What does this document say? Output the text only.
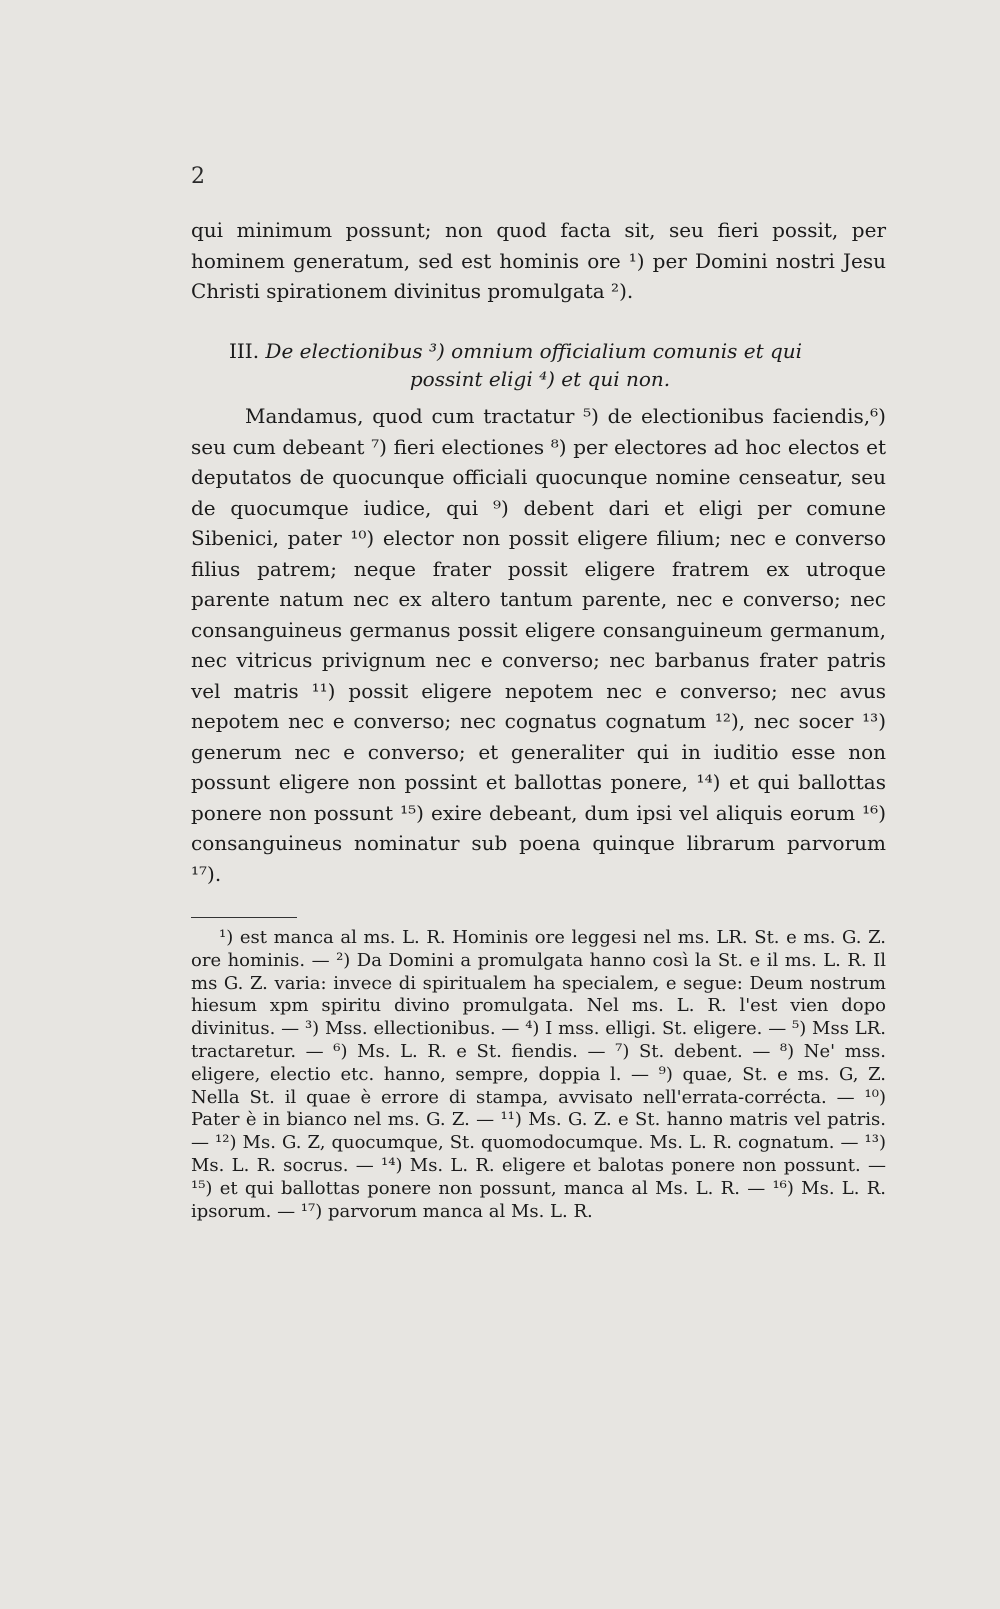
2

qui minimum possunt; non quod facta sit, seu fieri possit, per hominem generatum, sed est hominis ore ¹) per Domini nostri Jesu Christi spirationem divinitus promulgata ²).

III. De electionibus ³) omnium officialium comunis et qui
possint eligi ⁴) et qui non.

Mandamus, quod cum tractatur ⁵) de electionibus faciendis,⁶) seu cum debeant ⁷) fieri electiones ⁸) per electores ad hoc electos et deputatos de quocunque officiali quocunque nomine censeatur, seu de quocumque iudice, qui ⁹) debent dari et eligi per comune Sibenici, pater ¹⁰) elector non possit eligere filium; nec e converso filius patrem; neque frater possit eligere fratrem ex utroque parente natum nec ex altero tantum parente, nec e converso; nec consanguineus germanus possit eligere consanguineum germanum, nec vitricus privignum nec e converso; nec barbanus frater patris vel matris ¹¹) possit eligere nepotem nec e converso; nec avus nepotem nec e converso; nec cognatus cognatum ¹²), nec socer ¹³) generum nec e converso; et generaliter qui in iuditio esse non possunt eligere non possint et ballottas ponere, ¹⁴) et qui ballottas ponere non possunt ¹⁵) exire debeant, dum ipsi vel aliquis eorum ¹⁶) consanguineus nominatur sub poena quinque librarum parvorum ¹⁷).

¹) est manca al ms. L. R. Hominis ore leggesi nel ms. LR. St. e ms. G. Z. ore hominis. — ²) Da Domini a promulgata hanno così la St. e il ms. L. R. Il ms G. Z. varia: invece di spiritualem ha specialem, e segue: Deum nostrum hiesum xpm spiritu divino promulgata. Nel ms. L. R. l'est vien dopo divinitus. — ³) Mss. ellectionibus. — ⁴) I mss. elligi. St. eligere. — ⁵) Mss LR. tractaretur. — ⁶) Ms. L. R. e St. fiendis. — ⁷) St. debent. — ⁸) Ne' mss. eligere, electio etc. hanno, sempre, doppia l. — ⁹) quae, St. e ms. G, Z. Nella St. il quae è errore di stampa, avvisato nell'errata-corrécta. — ¹⁰) Pater è in bianco nel ms. G. Z. — ¹¹) Ms. G. Z. e St. hanno matris vel patris. — ¹²) Ms. G. Z, quocumque, St. quomodocumque. Ms. L. R. cognatum. — ¹³) Ms. L. R. socrus. — ¹⁴) Ms. L. R. eligere et balotas ponere non possunt. — ¹⁵) et qui ballottas ponere non possunt, manca al Ms. L. R. — ¹⁶) Ms. L. R. ipsorum. — ¹⁷) parvorum manca al Ms. L. R.
